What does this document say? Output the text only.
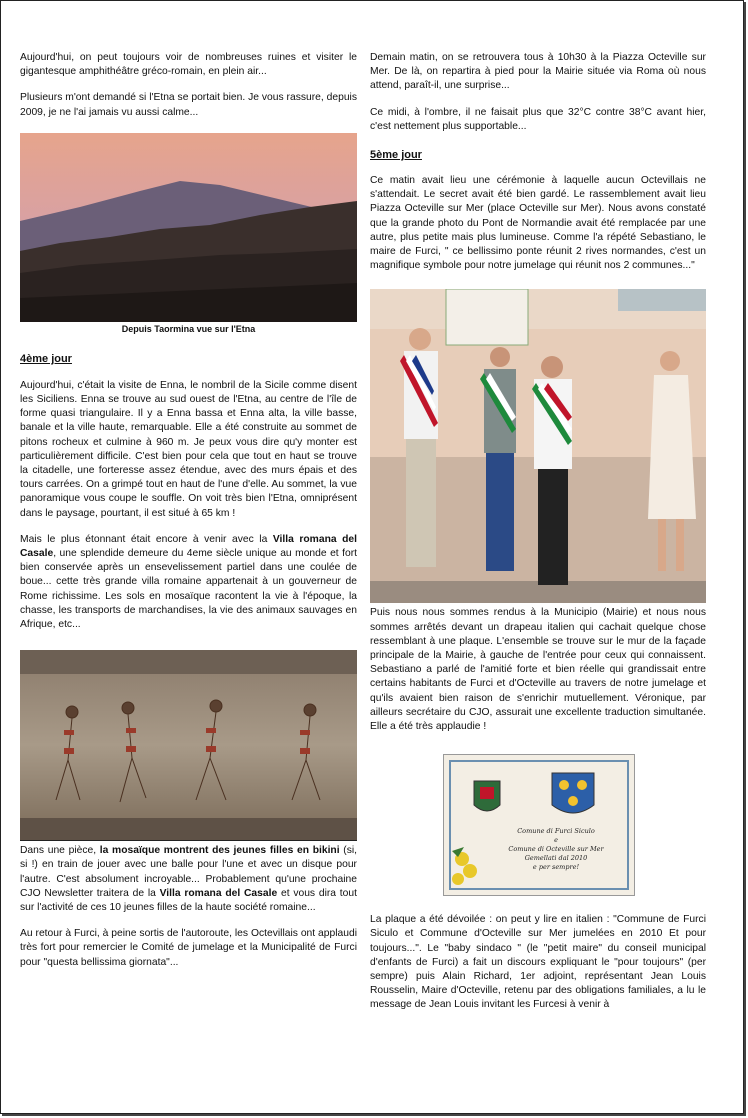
Aujourd'hui, on peut toujours voir de nombreuses ruines et visiter le gigantesque amphithéâtre gréco-romain, en plein air...

Plusieurs m'ont demandé si l'Etna se portait bien. Je vous rassure, depuis 2009, je ne l'ai jamais vu aussi calme...

Depuis Taormina vue sur l'Etna
4ème jour

Aujourd'hui, c'était la visite de Enna, le nombril de la Sicile comme disent les Siciliens. Enna se trouve au sud ouest de l'Etna, au centre de l'île de forme quasi triangulaire. Il y a Enna bassa et Enna alta, la ville basse, banale et la ville haute, remarquable. Elle a été construite au sommet de pitons rocheux et culmine à 960 m. Je peux vous dire qu'y monter est particulièrement difficile. C'est bien pour cela que tout en haut se trouve la citadelle, une forteresse assez étendue, avec des murs épais et des tours carrées. On a grimpé tout en haut de l'une d'elle. Au sommet, la vue panoramique vous coupe le souffle. On voit très bien l'Etna, omniprésent dans le paysage, pourtant, il est situé à 65 km !

Mais le plus étonnant était encore à venir avec la Villa romana del Casale, une splendide demeure du 4eme siècle unique au monde et fort bien conservée après un ensevelissement partiel dans une coulée de boue... cette très grande villa romaine appartenait à un gouverneur de Rome richissime. Les sols en mosaïque racontent la vie à l'époque, la chasse, les transports de marchandises, la vie des animaux sauvages en Afrique, etc...

Dans une pièce, la mosaïque montrent des jeunes filles en bikini (si, si !) en train de jouer avec une balle pour l'une et avec un disque pour l'autre. C'est absolument incroyable... Probablement qu'une prochaine CJO Newsletter traitera de la Villa romana del Casale et vous dira tout sur l'activité de ces 10 jeunes filles de la haute société romaine...

Au retour à Furci, à peine sortis de l'autoroute, les Octevillais ont applaudi très fort pour remercier le Comité de jumelage et la Municipalité de Furci pour "questa bellissima giornata"...

Demain matin, on se retrouvera tous à 10h30 à la Piazza Octeville sur Mer. De là, on repartira à pied pour la Mairie située via Roma où nous attend, paraît-il, une surprise...

Ce midi, à l'ombre, il ne faisait plus que 32°C contre 38°C avant hier, c'est nettement plus supportable...

5ème jour

Ce matin avait lieu une cérémonie à laquelle aucun Octevillais ne s'attendait. Le secret avait été bien gardé. Le rassemblement avait lieu Piazza Octeville sur Mer (place Octeville sur Mer). Nous avons constaté que la grande photo du Pont de Normandie avait été remplacée par une autre, plus petite mais plus lumineuse. Comme l'a répété Sebastiano, le maire de Furci, " ce bellissimo ponte réunit 2 rives normandes, c'est un magnifique symbole pour notre jumelage qui réunit nos 2 communes..."

Puis nous nous sommes rendus à la Municipio (Mairie) et nous nous sommes arrêtés devant un drapeau italien qui cachait quelque chose ressemblant à une plaque. L'ensemble se trouve sur le mur de la façade principale de la Mairie, à gauche de l'entrée pour ceux qui connaissent. Sebastiano a parlé de l'amitié forte et bien réelle qui grandissait entre certains habitants de Furci et d'Octeville au travers de notre jumelage et qu'ils avaient bien raison de s'enrichir mutuellement. Véronique, par ailleurs secrétaire du CJO, assurait une excellente traduction simultanée. Elle a été très applaudie !

Comune di Furci Siculo
e
Comune di Octeville sur Mer
Gemellati dal 2010
e per sempre!

La plaque a été dévoilée : on peut y lire en italien : "Commune de Furci Siculo et Commune d'Octeville sur Mer jumelées en 2010 Et pour toujours...". Le "baby sindaco " (le "petit maire" du conseil municipal d'enfants de Furci) a fait un discours expliquant le "pour toujours" (per sempre) puis Alain Richard, 1er adjoint, représentant Jean Louis Rousselin, Maire d'Octeville, retenu par des obligations familiales, a lu le message de Jean Louis invitant les Furcesi à venir à
